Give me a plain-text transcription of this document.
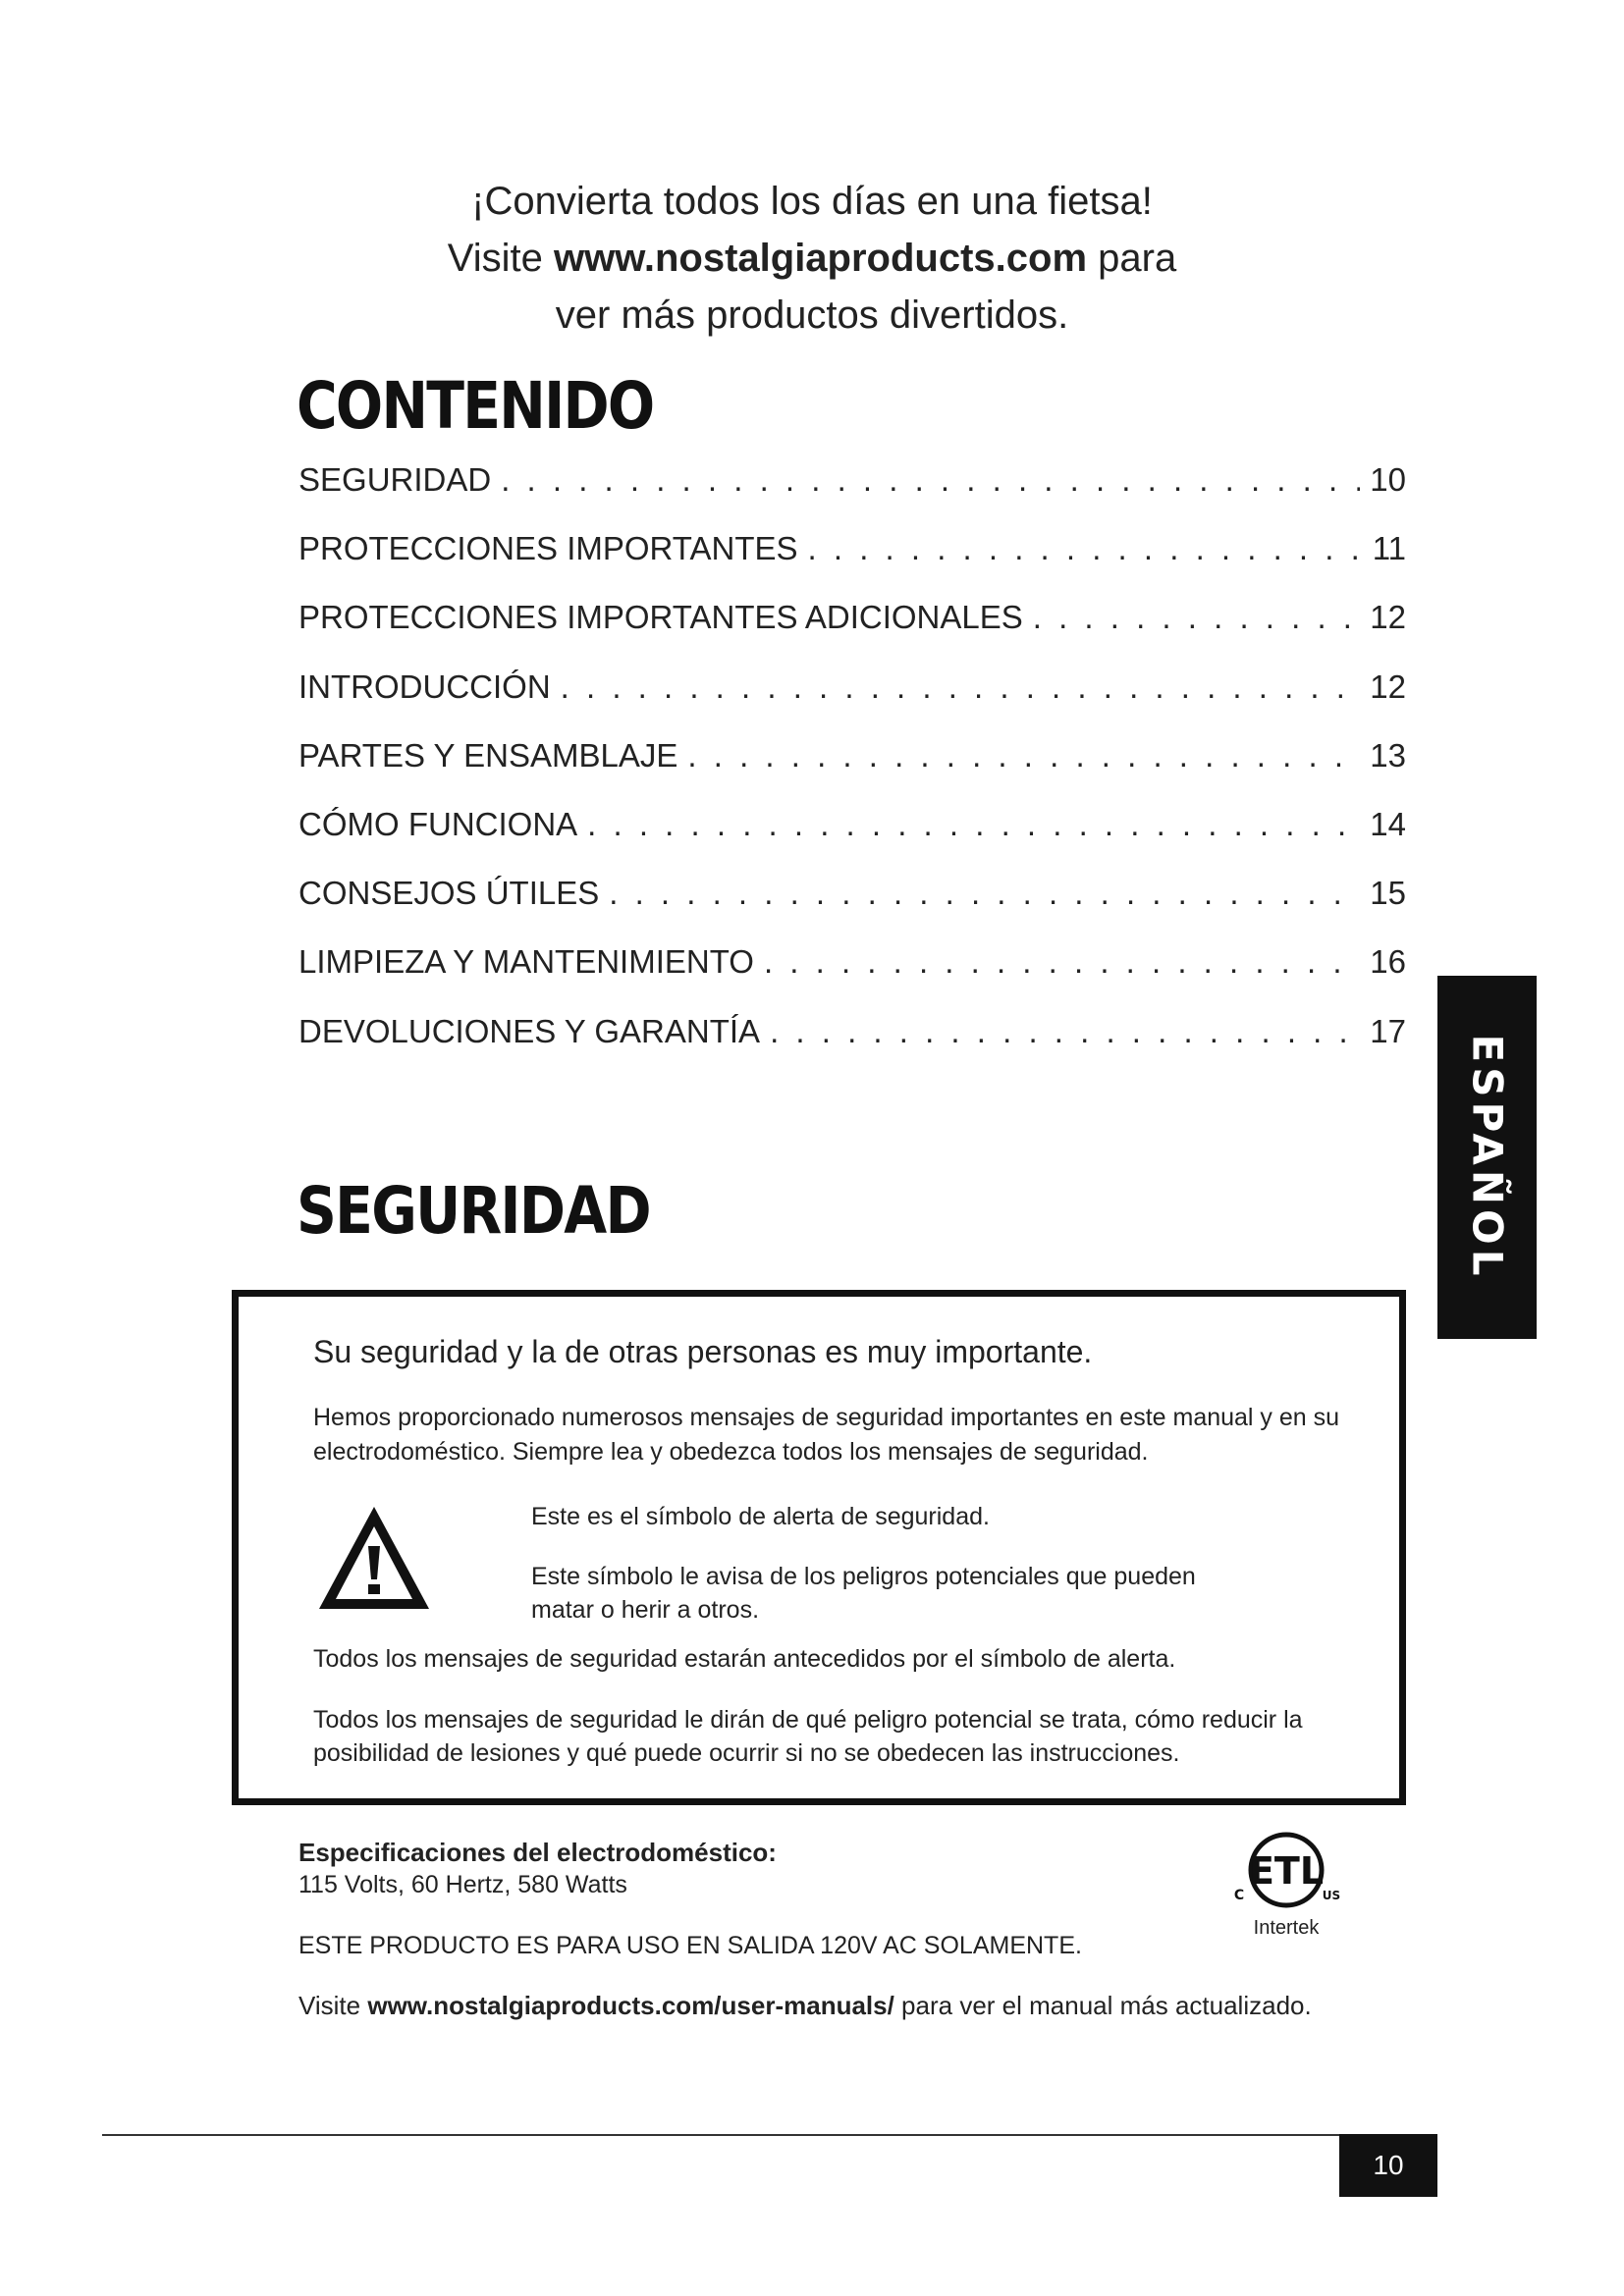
¡Convierta todos los días en una fietsa!
Visite www.nostalgiaproducts.com para
ver más productos divertidos.
CONTENIDO
SEGURIDAD . . .	10
PROTECCIONES IMPORTANTES . . .	11
PROTECCIONES IMPORTANTES ADICIONALES . . .	12
INTRODUCCIÓN . . .	12
PARTES Y ENSAMBLAJE . . .	13
CÓMO FUNCIONA . . .	14
CONSEJOS ÚTILES . . .	15
LIMPIEZA Y MANTENIMIENTO . . .	16
DEVOLUCIONES Y GARANTÍA . . .	17
ESPAÑOL
SEGURIDAD
Su seguridad y la de otras personas es muy importante.
Hemos proporcionado numerosos mensajes de seguridad importantes en este manual y en su electrodoméstico. Siempre lea y obedezca todos los mensajes de seguridad.
Este es el símbolo de alerta de seguridad.
Este símbolo le avisa de los peligros potenciales que pueden matar o herir a otros.
Todos los mensajes de seguridad estarán antecedidos por el símbolo de alerta.
Todos los mensajes de seguridad le dirán de qué peligro potencial se trata, cómo reducir la posibilidad de lesiones y qué puede ocurrir si no se obedecen las instrucciones.
Especificaciones del electrodoméstico:
115 Volts, 60 Hertz, 580 Watts
ESTE PRODUCTO ES PARA USO EN SALIDA 120V AC SOLAMENTE.
Visite www.nostalgiaproducts.com/user-manuals/ para ver el manual más actualizado.
ETL
C	US
Intertek
10
